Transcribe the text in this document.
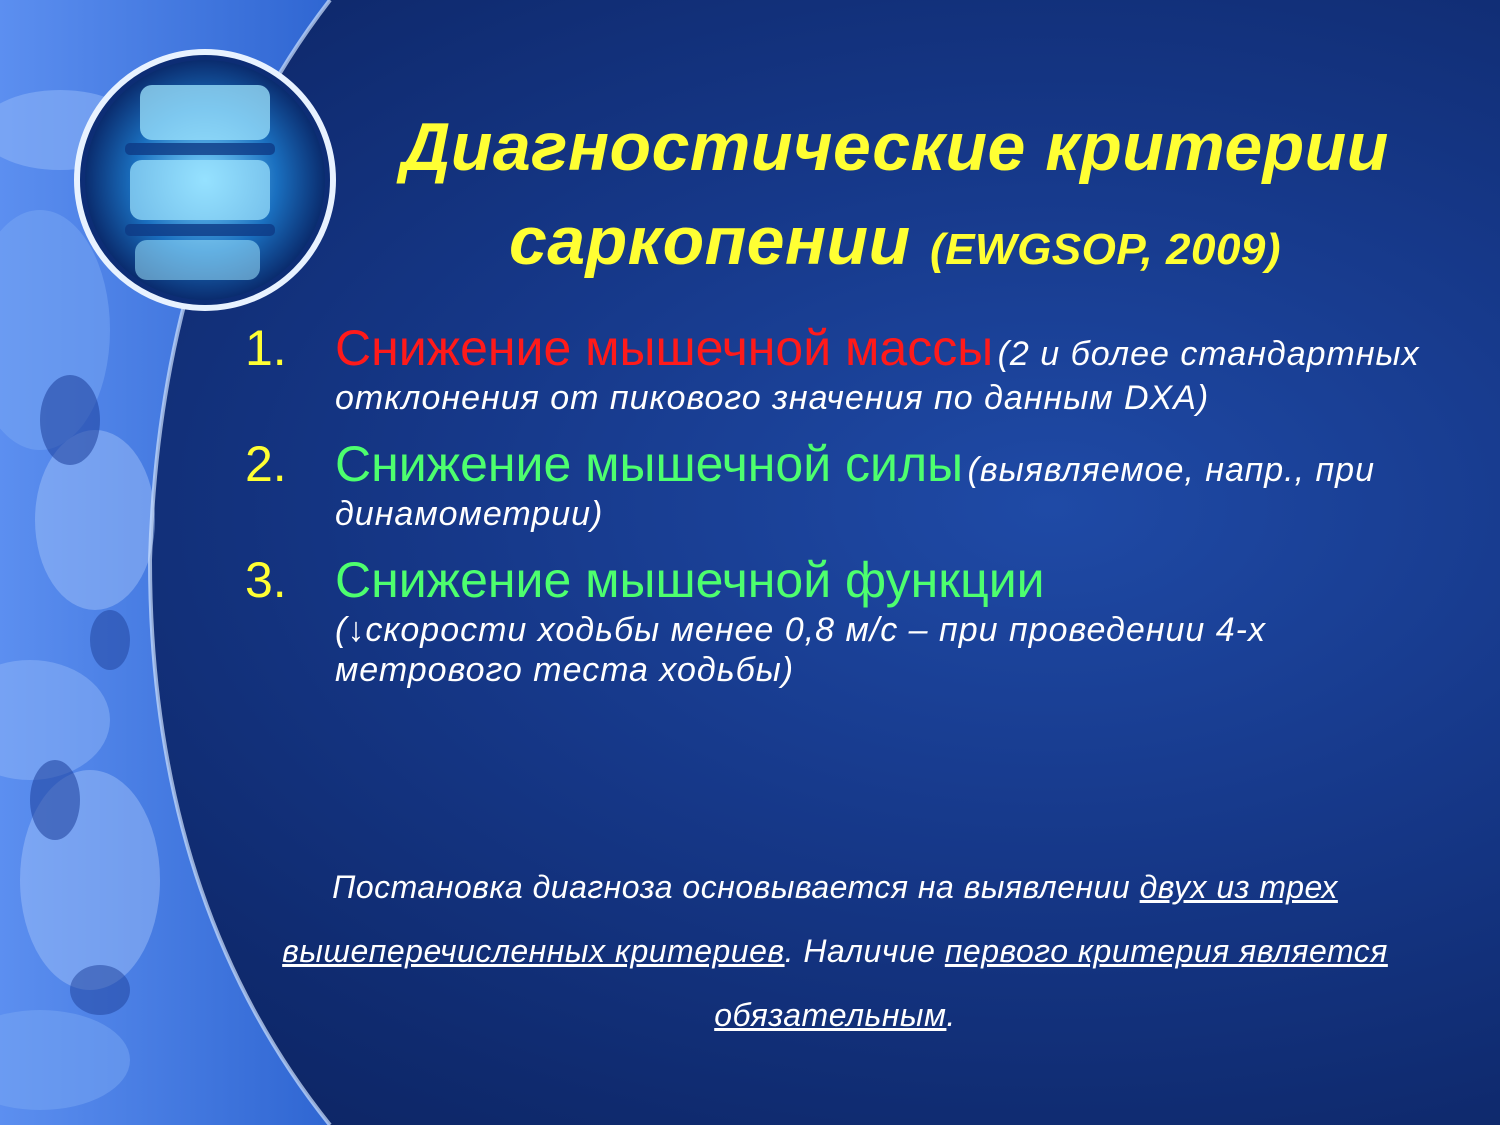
Диагностические критерии
саркопении (EWGSOP, 2009)
1. Снижение мышечной массы (2 и более стандартных отклонения от пикового значения по данным DXA)
2. Снижение мышечной силы (выявляемое, напр., при динамометрии)
3. Снижение мышечной функции
(↓скорости ходьбы менее 0,8 м/с – при проведении 4-х метрового теста ходьбы)

Постановка диагноза основывается на выявлении двух из трех вышеперечисленных критериев. Наличие первого критерия является обязательным.
